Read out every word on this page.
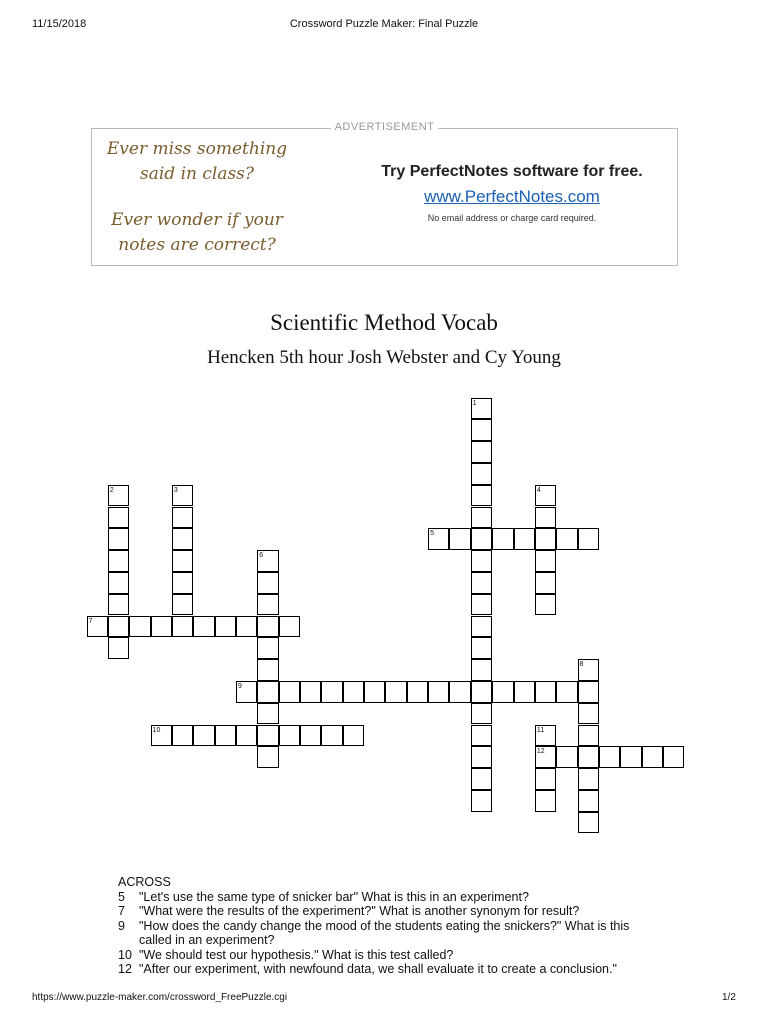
11/15/2018	Crossword Puzzle Maker: Final Puzzle
ADVERTISEMENT
Ever miss something
said in class?
Ever wonder if your
notes are correct?
Try PerfectNotes software for free.
www.PerfectNotes.com
No email address or charge card required.
Scientific Method Vocab
Hencken 5th hour Josh Webster and Cy Young
1
2	3	4
5
6
7
8
9
10	11
12
ACROSS
5	"Let's use the same type of snicker bar" What is this in an experiment?
7	"What were the results of the experiment?" What is another synonym for result?
9	"How does the candy change the mood of the students eating the snickers?" What is this called in an experiment?
10 "We should test our hypothesis." What is this test called?
12 "After our experiment, with newfound data, we shall evaluate it to create a conclusion."
https://www.puzzle-maker.com/crossword_FreePuzzle.cgi	1/2
